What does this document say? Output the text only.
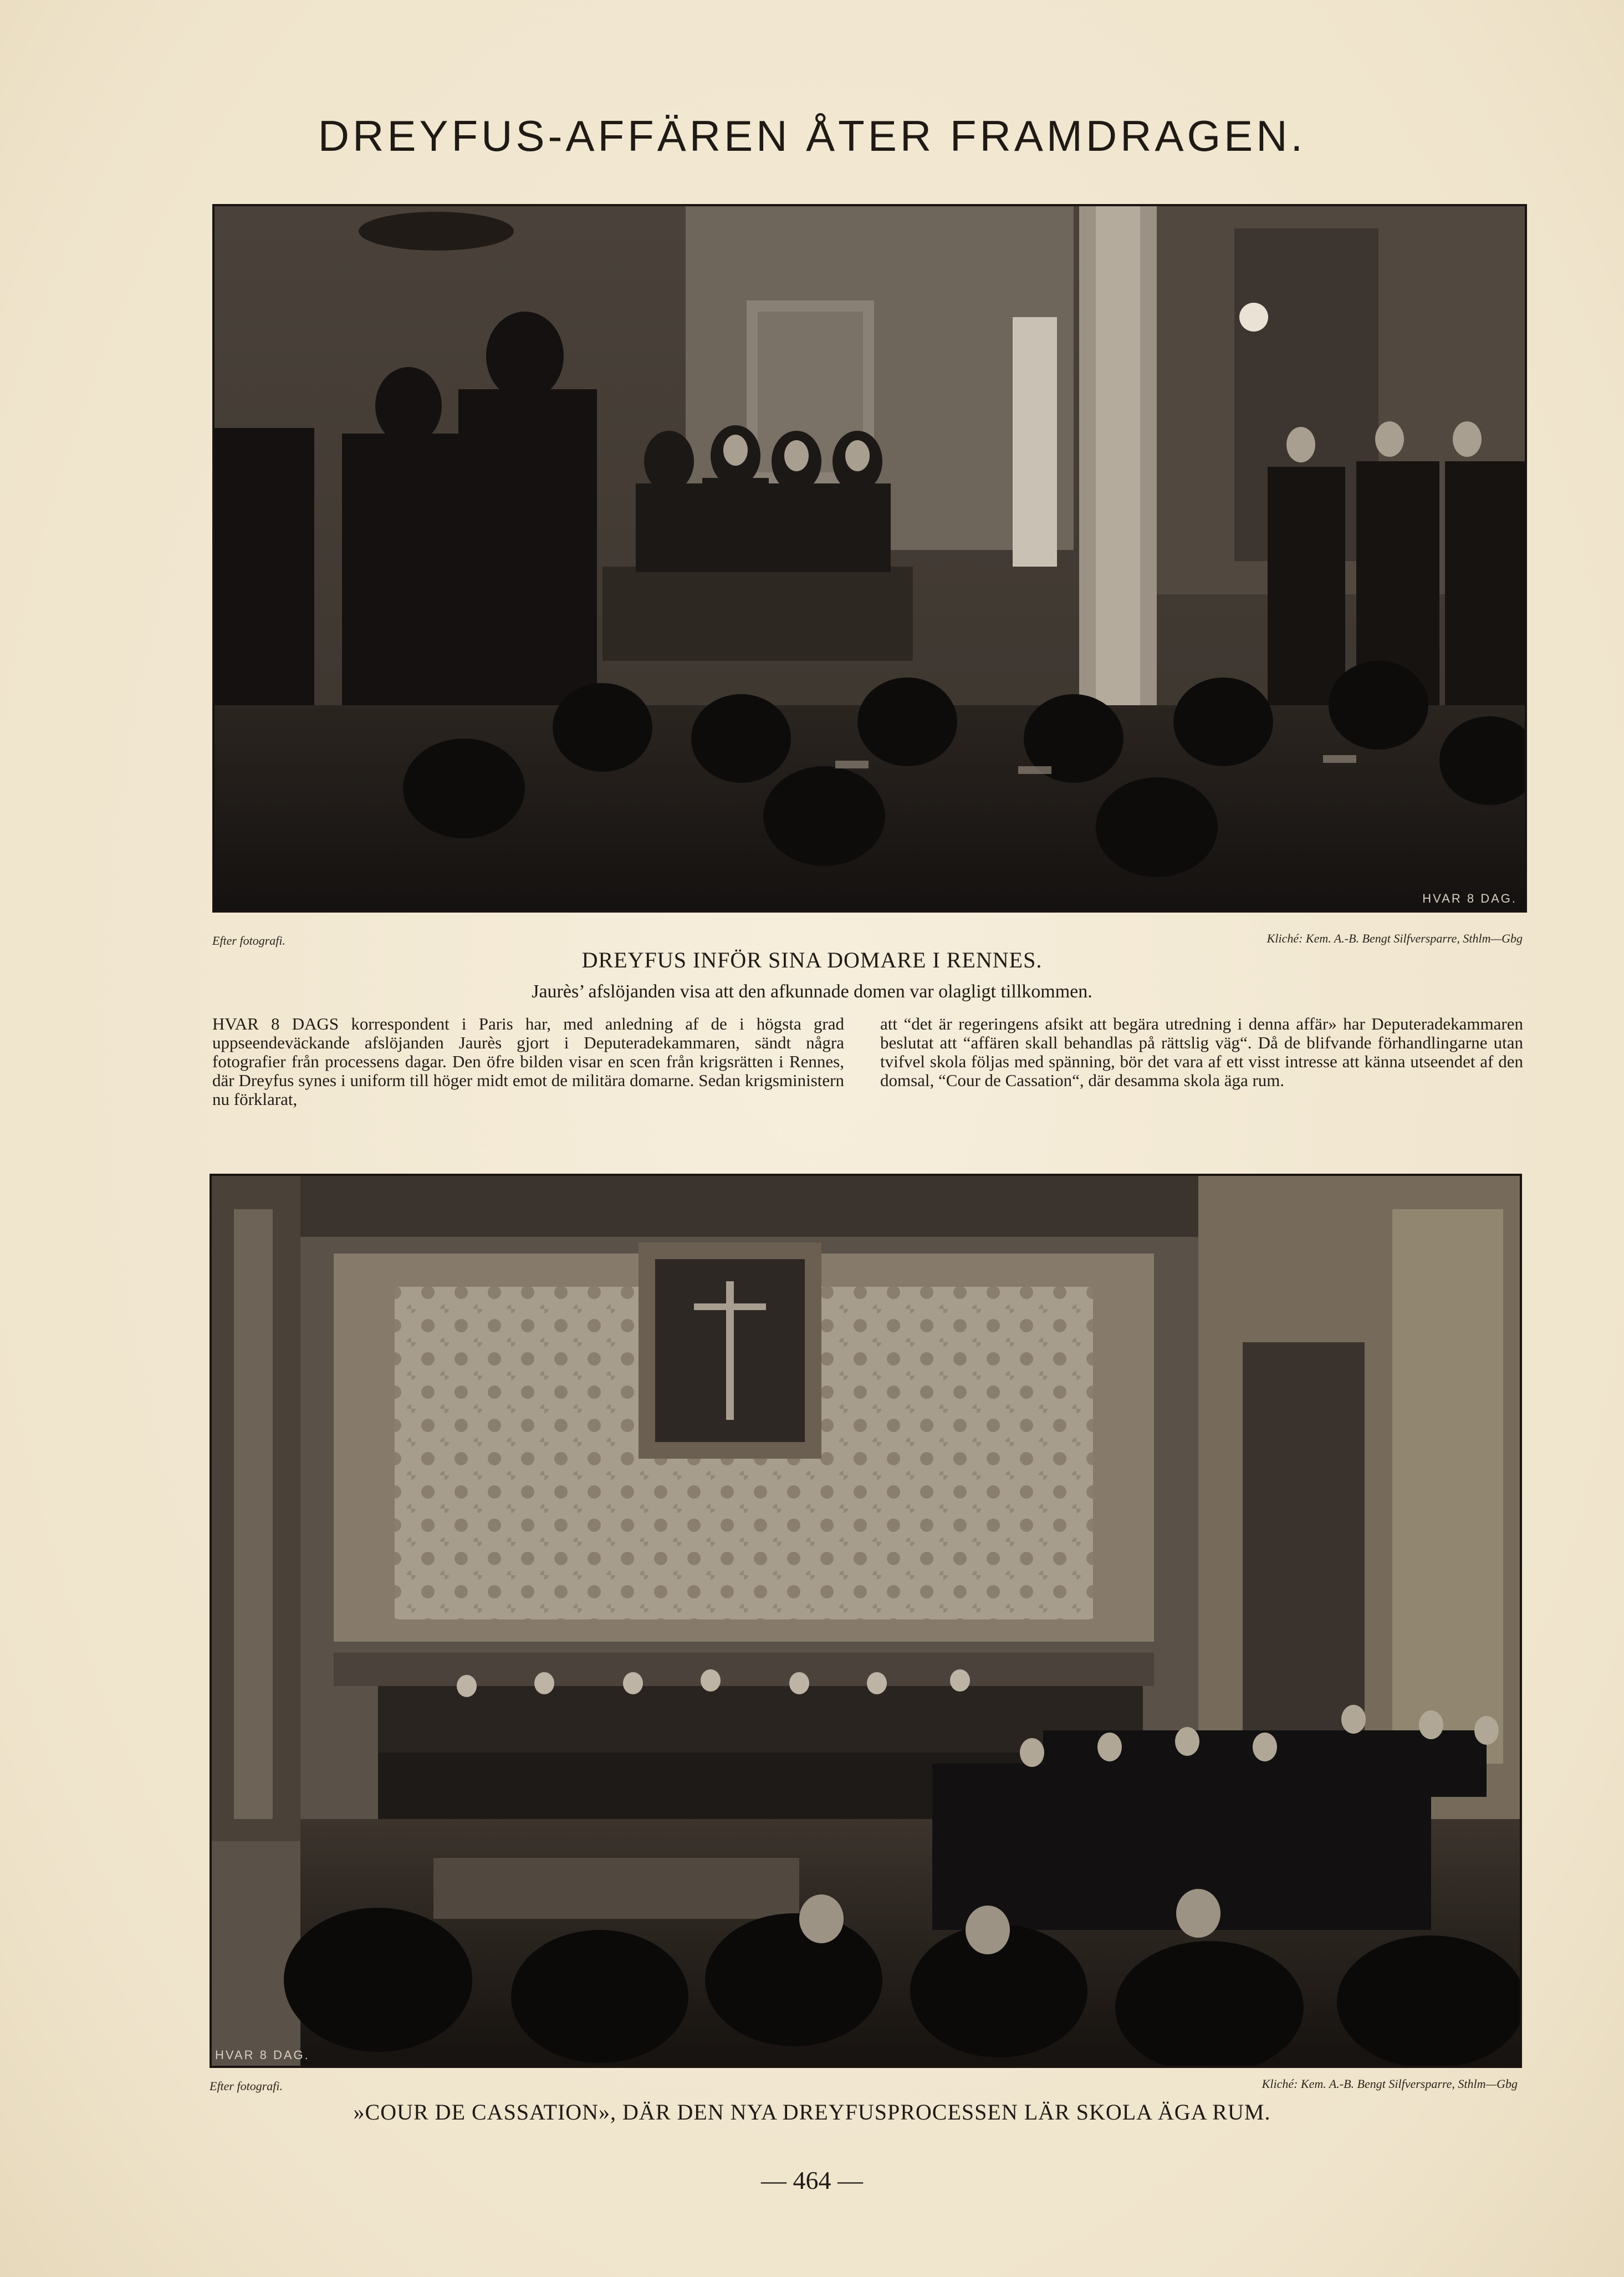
DREYFUS-AFFÄREN ÅTER FRAMDRAGEN.
HVAR 8 DAG.
Efter fotografi.	Kliché: Kem. A.-B. Bengt Silfversparre, Sthlm—Gbg
DREYFUS INFÖR SINA DOMARE I RENNES.
Jaurès’ afslöjanden visa att den afkunnade domen var olagligt tillkommen.

HVAR 8 DAGS korrespondent i Paris har, med anledning af de i högsta grad uppseendeväckande afslöjanden Jaurès gjort i Deputeradekammaren, sändt några fotografier från processens dagar. Den öfre bilden visar en scen från krigsrätten i Rennes, där Dreyfus synes i uniform till höger midt emot de militära domarne. Sedan krigsministern nu förklarat,

att “det är regeringens afsikt att begära utredning i denna affär» har Deputeradekammaren beslutat att “affären skall behandlas på rättslig väg“. Då de blifvande förhandlingarne utan tvifvel skola följas med spänning, bör det vara af ett visst intresse att känna utseendet af den domsal, “Cour de Cassation“, där desamma skola äga rum.

HVAR 8 DAG.
Efter fotografi.	Kliché: Kem. A.-B. Bengt Silfversparre, Sthlm—Gbg
»COUR DE CASSATION», DÄR DEN NYA DREYFUSPROCESSEN LÄR SKOLA ÄGA RUM.
— 464 —
